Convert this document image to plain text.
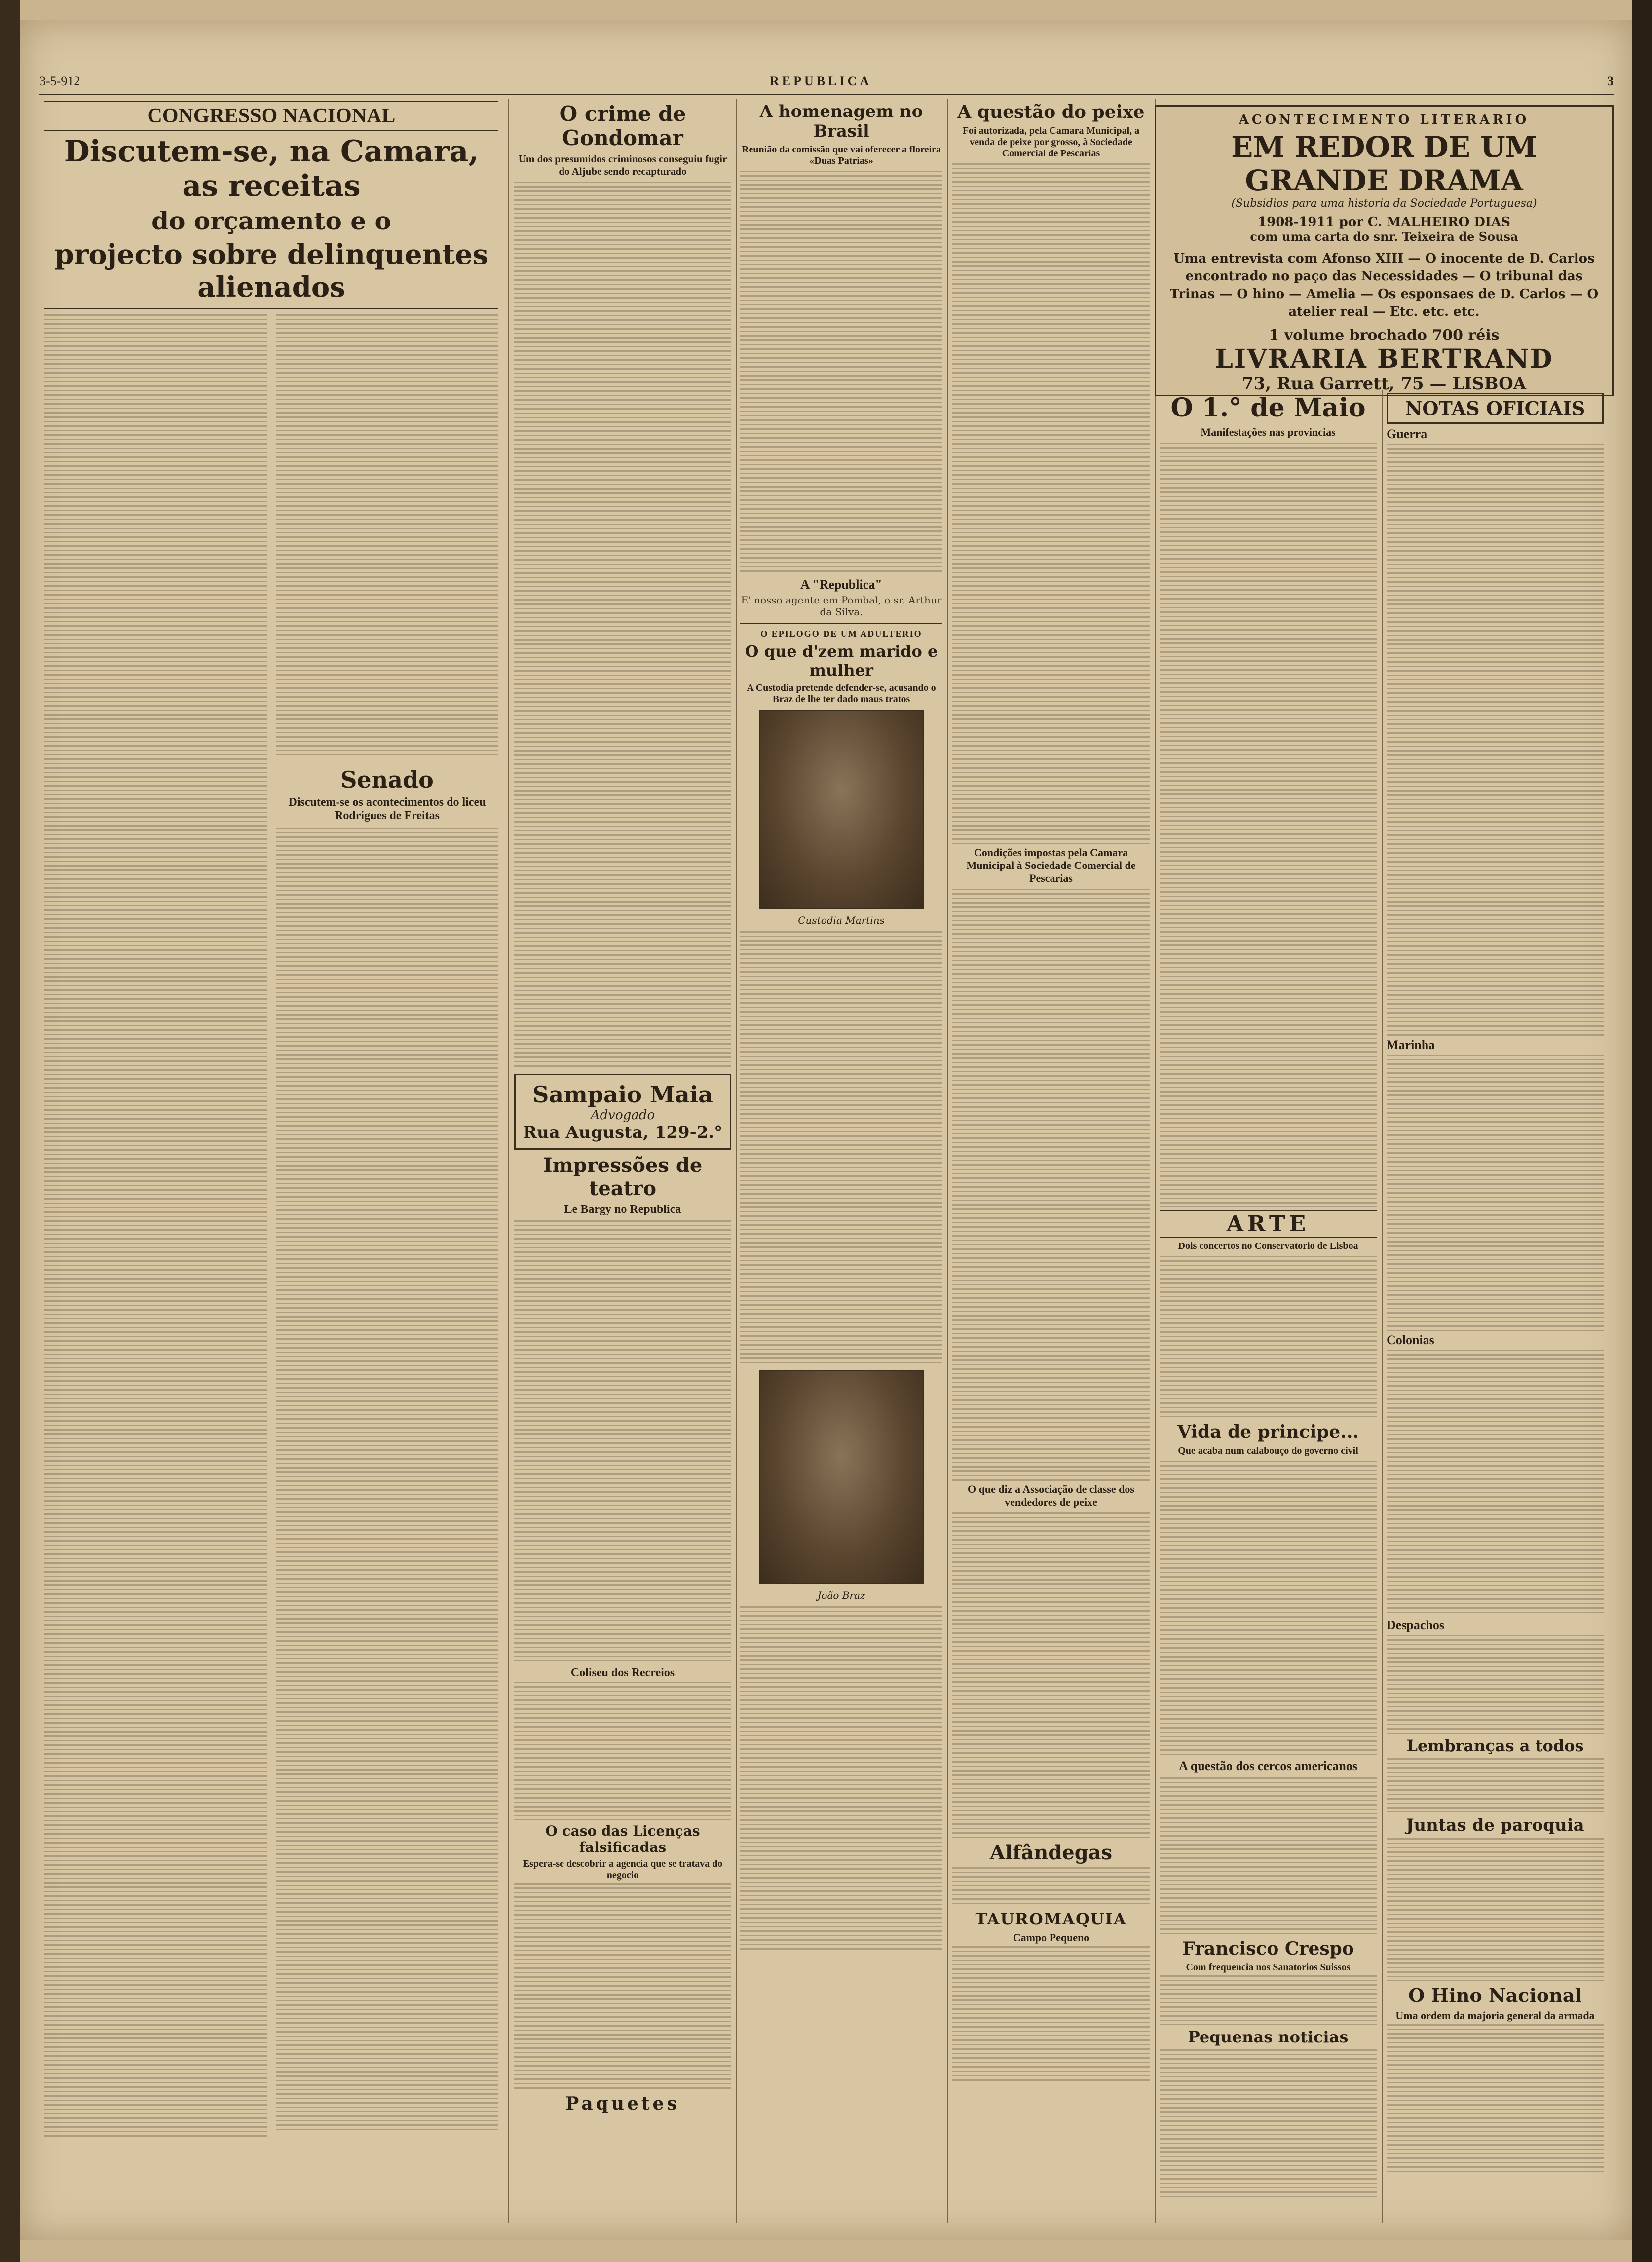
3-5-912	REPUBLICA	3
CONGRESSO NACIONAL
Discutem-se, na Camara, as receitas
do orçamento e o
projecto sobre delinquentes alienados
Senado
Discutem-se os acontecimentos do liceu Rodrigues de Freitas
O crime de Gondomar
Um dos presumidos criminosos conseguiu fugir do Aljube sendo recapturado
Sampaio Maia
Advogado
Rua Augusta, 129-2.°
Impressões de teatro
Le Bargy no Republica
Coliseu dos Recreios
O caso das Licenças falsificadas
Espera-se descobrir a agencia que se tratava do negocio
Paquetes
A homenagem no Brasil
Reunião da comissão que vai oferecer a floreira «Duas Patrias»
A "Republica"

E' nosso agente em Pombal, o sr. Arthur da Silva.

O EPILOGO DE UM ADULTERIO
O que d'zem marido e mulher
A Custodia pretende defender-se, acusando o Braz de lhe ter dado maus tratos
Custodia Martins
João Braz
A questão do peixe
Foi autorizada, pela Camara Municipal, a venda de peixe por grosso, à Sociedade Comercial de Pescarias
Condições impostas pela Camara Municipal à Sociedade Comercial de Pescarias
O que diz a Associação de classe dos vendedores de peixe
Alfândegas
TAUROMAQUIA
Campo Pequeno
ACONTECIMENTO LITERARIO
EM REDOR DE UM GRANDE DRAMA
(Subsidios para uma historia da Sociedade Portuguesa)
1908-1911 por C. MALHEIRO DIAS
com uma carta do snr. Teixeira de Sousa
Uma entrevista com Afonso XIII — O inocente de D. Carlos encontrado no paço das Necessidades — O tribunal das Trinas — O hino — Amelia — Os esponsaes de D. Carlos — O atelier real — Etc. etc. etc.
1 volume brochado 700 réis
LIVRARIA BERTRAND
73, Rua Garrett, 75 — LISBOA
O 1.° de Maio
Manifestações nas provincias
ARTE
Dois concertos no Conservatorio de Lisboa
Vida de principe...
Que acaba num calabouço do governo civil
A questão dos cercos americanos
Francisco Crespo
Com frequencia nos Sanatorios Suissos
Pequenas noticias
NOTAS OFICIAIS
Guerra
Marinha
Colonias
Despachos
Lembranças a todos
Juntas de paroquia
O Hino Nacional
Uma ordem da majoria general da armada
